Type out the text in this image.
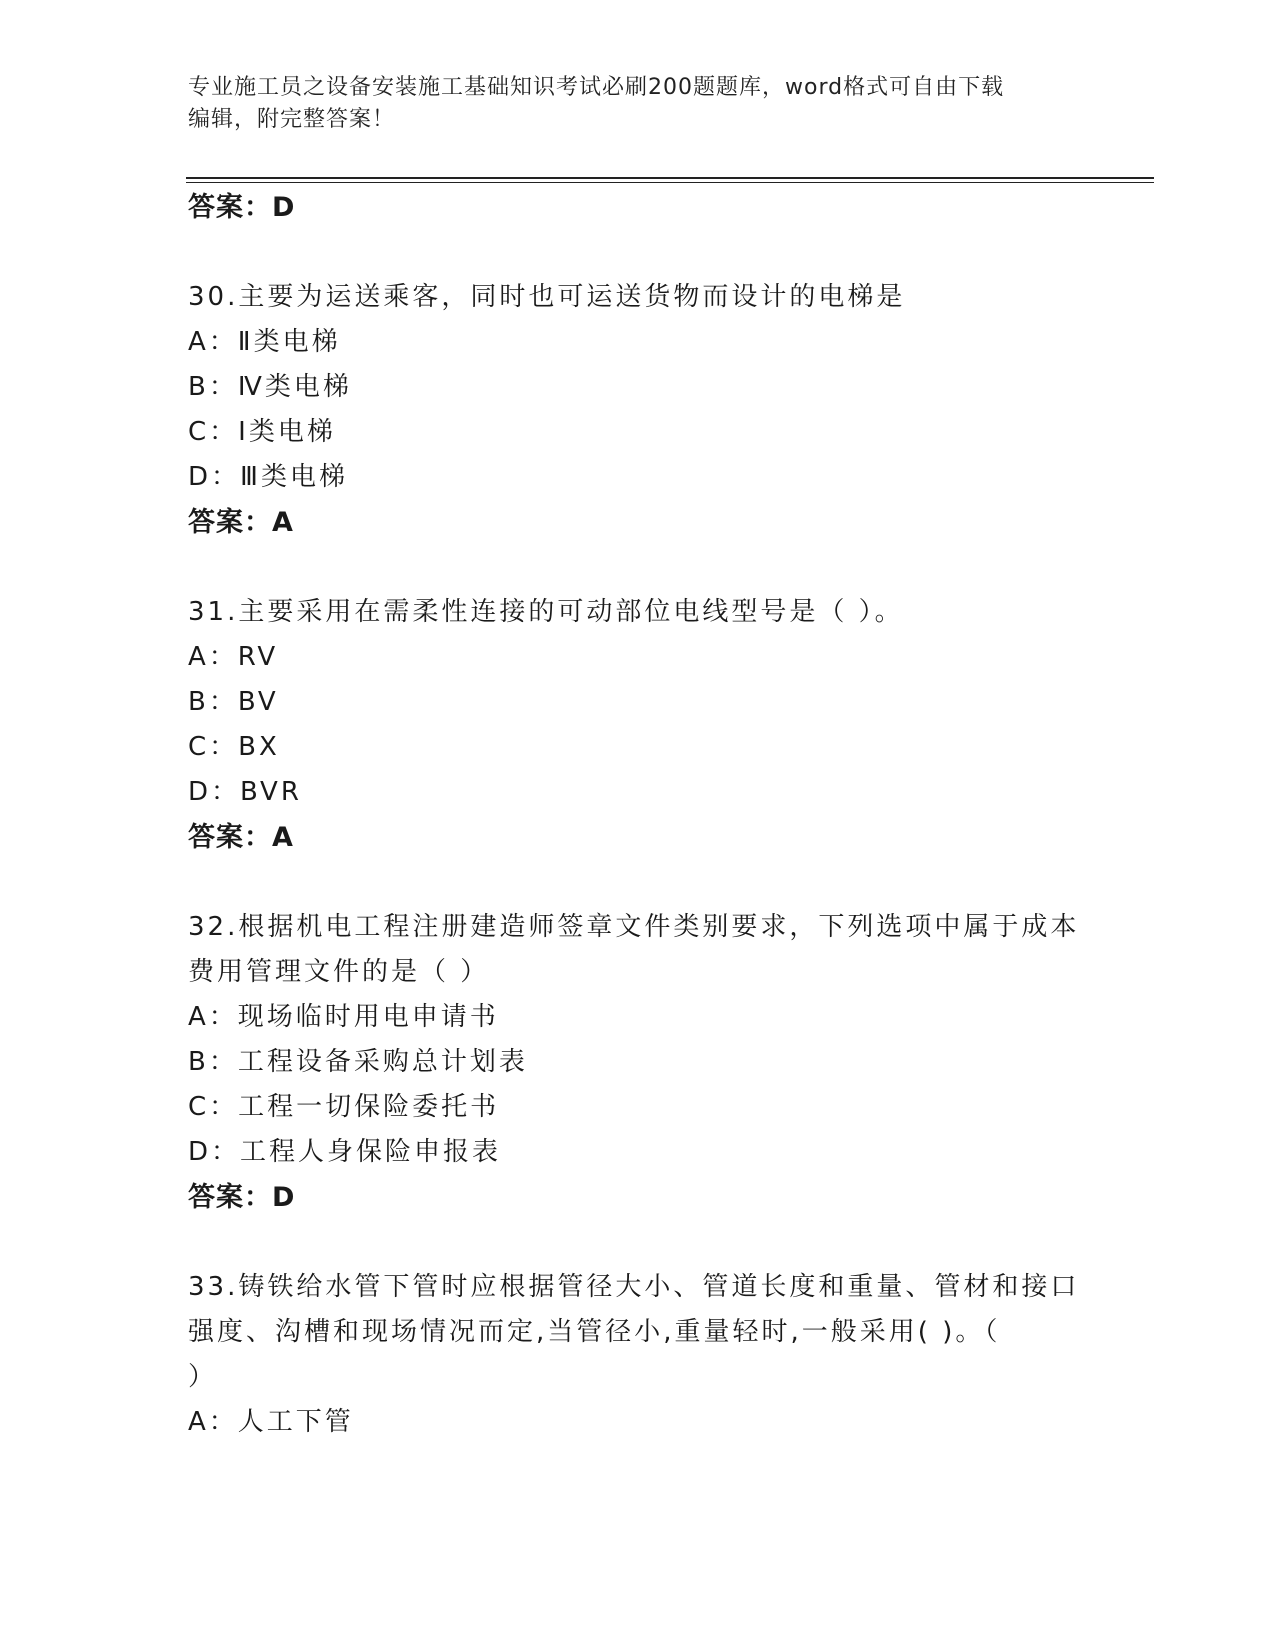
专业施工员之设备安装施工基础知识考试必刷200题题库，word格式可自由下载
编辑，附完整答案！
答案：D
30.主要为运送乘客，同时也可运送货物而设计的电梯是
A：Ⅱ类电梯
B：Ⅳ类电梯
C：Ⅰ类电梯
D：Ⅲ类电梯
答案：A
31.主要采用在需柔性连接的可动部位电线型号是（ ）。
A：RV
B：BV
C：BX
D：BVR
答案：A
32.根据机电工程注册建造师签章文件类别要求，下列选项中属于成本
费用管理文件的是（ ）
A：现场临时用电申请书
B：工程设备采购总计划表
C：工程一切保险委托书
D：工程人身保险申报表
答案：D
33.铸铁给水管下管时应根据管径大小、管道长度和重量、管材和接口
强度、沟槽和现场情况而定,当管径小,重量轻时,一般采用( )。（
）
A：人工下管
